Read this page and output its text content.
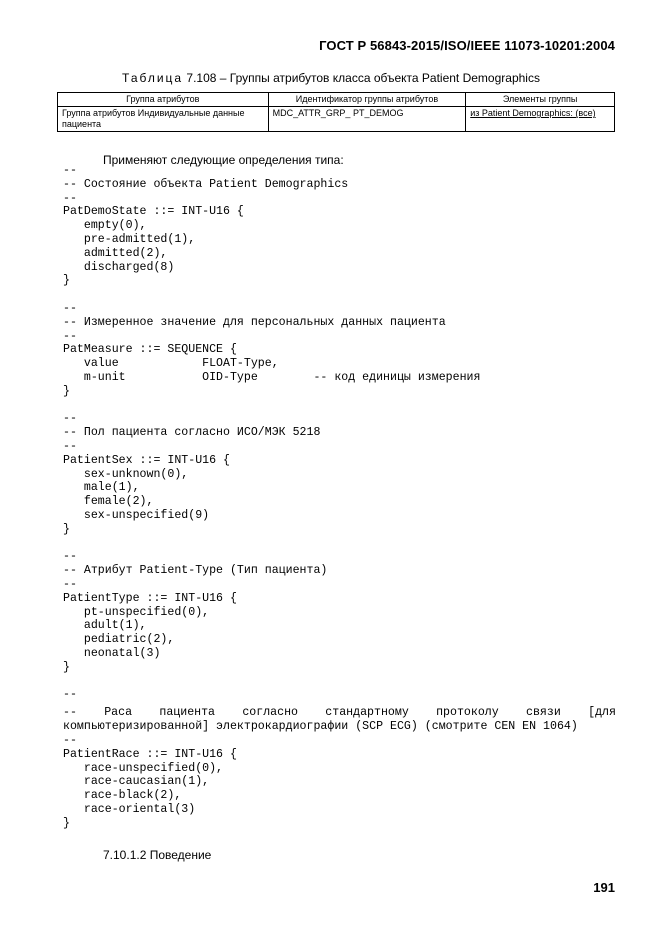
ГОСТ Р 56843-2015/ISO/IEEE 11073-10201:2004
Таблица 7.108 – Группы атрибутов класса объекта Patient Demographics
Группа атрибутов	Идентификатор группы атрибутов	Элементы группы
Группа атрибутов Индивидуальные данные пациента	MDC_ATTR_GRP_ PT_DEMOG	из Patient Demographics: (все)
Применяют следующие определения типа:
--
-- Состояние объекта Patient Demographics
--
PatDemoState ::= INT-U16 {
empty(0),
pre-admitted(1),
admitted(2),
discharged(8)
}

--
-- Измеренное значение для персональных данных пациента
--
PatMeasure ::= SEQUENCE {
value            FLOAT-Type,
m-unit           OID-Type        -- код единицы измерения
}

--
-- Пол пациента согласно ИСО/МЭК 5218
--
PatientSex ::= INT-U16 {
sex-unknown(0),
male(1),
female(2),
sex-unspecified(9)
}

--
-- Атрибут Patient-Type (Тип пациента)
--
PatientType ::= INT-U16 {
pt-unspecified(0),
adult(1),
pediatric(2),
neonatal(3)
}

--
-- Раса пациента согласно стандартному протоколу связи [для
компьютеризированной] электрокардиографии (SCP ECG) (смотрите CEN EN 1064)
--
PatientRace ::= INT-U16 {
race-unspecified(0),
race-caucasian(1),
race-black(2),
race-oriental(3)
}
7.10.1.2 Поведение
191
